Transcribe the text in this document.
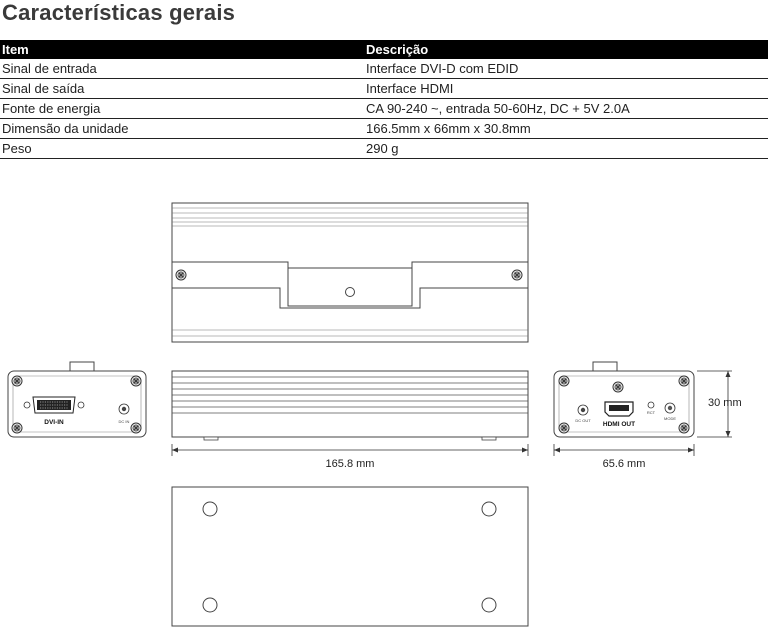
Características gerais
Item	Descrição
Sinal de entrada	Interface DVI-D com EDID
Sinal de saída	Interface HDMI
Fonte de energia	CA 90-240 ~, entrada 50-60Hz, DC + 5V 2.0A
Dimensão da unidade	166.5mm x 66mm x 30.8mm
Peso	290 g
165.8 mm
DVI-IN	DC IN	DC OUT
HDMI OUT
RCT
MODE
65.6 mm
30 mm
